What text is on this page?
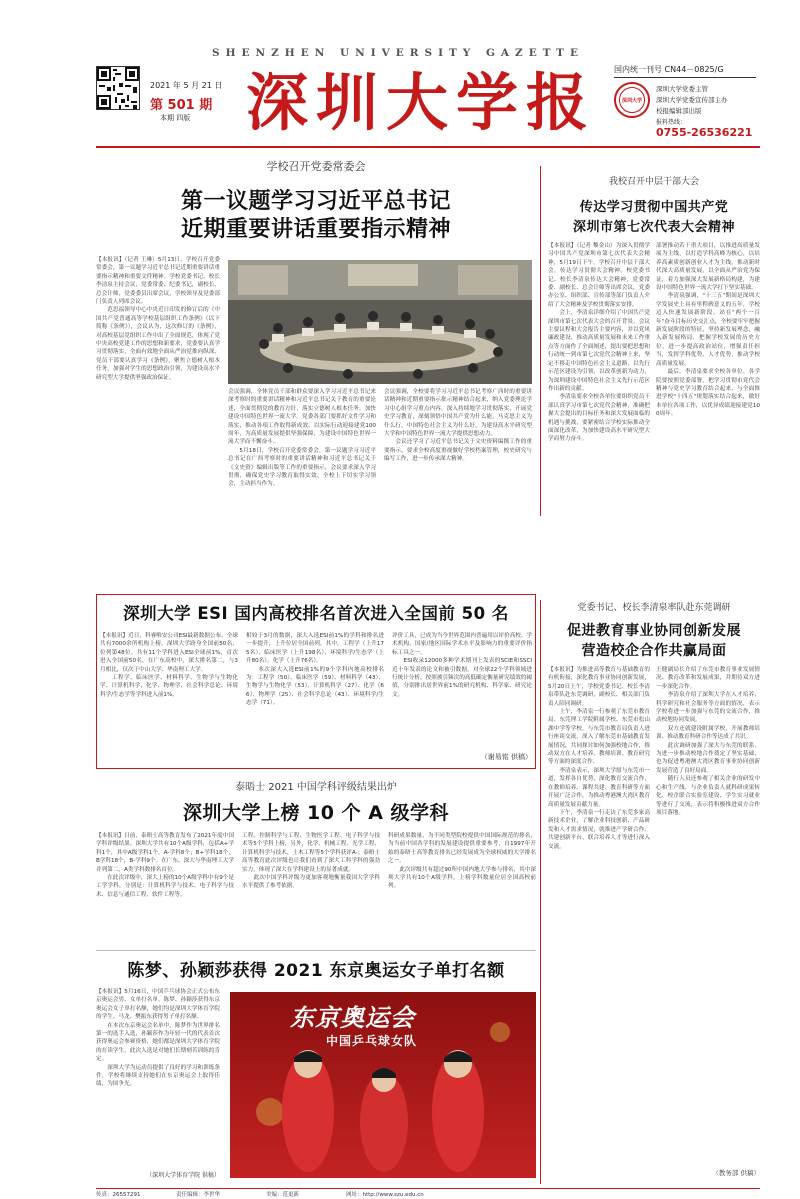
2021 年 5 月 21 日
第 501 期
本期 四版
SHENZHEN UNIVERSITY GAZETTE
深圳大学报 国内统一刊号 CN44－0825/G
深圳大学
深圳大学党委主管
深圳大学党委宣传部主办
校报编辑部出版
报料热线：
0755-26536221
学校召开党委常委会
第一议题学习习近平总书记
近期重要讲话重要指示精神
【本报讯】（记者 王琳）5月13日，学校召开党委常委会，第一议题学习近平总书记近期重要讲话重要指示精神和重要文件精神。学校党委书记、校长李清泉主持会议，党委常委、纪委书记，副校长、总会计师，党委委员出席会议，学校领导及党委部门负责人列席会议。
　　范思福领导中心中央近日印发的修订后的《中国共产党普通高等学校基层组织工作条例》（以下简称《条例》），会议认为，这次修订的《条例》，对高校基层党组织工作中出了全面规范，体现了党中央高校党建工作的思想和新要求，党委要认真学习贯彻落实，全面有效地全面从严治党推向纵深，党员干部要认真学习《条例》，聚焦立德树人根本任务，加强对学生的思想政治引领，为建设高水平研究型大学提供坚强政治保证。
会议强调，全体党员干部和群众要深入学习习近平总书记来深考察时的重要讲话精神和习近平总书记关于教育的重要论述，全面贯彻党的教育方针，落实立德树人根本任务，加快建设中国特色世界一流大学。党委各部门要抓好文件学习和落实，推动各项工作取得新成效，以实际行动迎接建党100周年，为高质量发展提供坚强保障，为建设中国特色世界一流大学而不懈奋斗。
　　5月18日，学校召开党委常委会，第一议题学习习近平总书记在广西考察时的重要讲话精神和习近平总书记关于《文史资》编辑出版等工作的重要指示，会议要求深入学习贯彻，确保党史学习教育取得实效，全校上下切实学习领会，主动担当作为。
会议强调，全校要将学习习近平总书记考察广西时的重要讲话精神和近期重要指示批示精神结合起来，纳入党委理论学习中心组学习重点内容，深入持续地学习贯彻落实，开展党史学习教育，深刻领悟中国共产党为什么能，马克思主义为什么行，中国特色社会主义为什么好，为建设高水平研究型大学和中国特色世界一流大学提供思想动力。
　　会议还学习了习近平总书记关于文史资料编撰工作的重要指示，要求全校高度重视做好学校档案管理，校史研究与编写工作，进一步传承深大精神。
我校召开中层干部大会
传达学习贯彻中国共产党
深圳市第七次代表大会精神
【本报讯】（记者 黎金山）为深入贯彻学习中国共产党深圳市第七次代表大会精神，5月19日下午，学校召开中层干部大会，传达学习贯彻大会精神。校党委书记、校长李清泉传达大会精神，党委常委、副校长、总会计师等出席会议，党委办公室、组织部、宣传部等部门负责人介绍了大会精神及学校贯彻落实安排。
　　会上，李清泉详细介绍了中国共产党深圳市第七次代表大会的召开背景、会议主要议程和大会报告主要内容，并以党风廉政建设、推动高质量发展和未来工作重点等方面作了全面阐述，提出要把思想和行动统一到市第七次党代会精神上来，坚定不移走中国特色社会主义道路，以先行示范区建设为引领，以改革创新为动力，为深圳建设中国特色社会主义先行示范区作出新的贡献。
　　李清泉要求全校各单位要组织党员干部认真学习市第七次党代会精神，准确把握大会提出的目标任务和深大发展面临的机遇与挑战，要紧密结合学校实际推动全面深化改革，为加快建设高水平研究型大学而努力奋斗。
部署推动若干重大项目，以推进高质量发展为主线，以打造学科高峰为核心，以培养高素质创新创业人才为主线，推动新时代深大高质量发展，以全面从严治党为保证，着力加强深大发展新格局构建，为建设中国特色世界一流大学打下坚实基础。
　　李清泉强调，"十三五"期间是深圳大学发展史上具有里程碑意义的五年，学校迈入快速发展新阶段。站在"两个一百年"奋斗目标历史交汇点，全校要牢牢把握新发展阶段的特征，坚持新发展理念，融入新发展格局，把握学校发展的历史方位，进一步提高政治站位，增强责任担当，发挥学科优势、人才优势，推动学校高质量发展。
　　最后，李清泉要求全校各单位、各学院要按照党委部署，把学习贯彻市党代会精神与党史学习教育结合起来，与全面推进学校"十四五"规划落实结合起来，做好本单位各项工作，以优异成绩迎接建党100周年。
深圳大学 ESI 国内高校排名首次进入全国前 50 名
【本报讯】近日，科睿唯安公司ESI最新数据公布，全球共有7000余所机构上榜，深圳大学跻身全国前50名，位列第48位。共有11个学科进入ESI全球前1%，首次进入全国前50名，在广东高校中，深大排名第二，与3月相比，仅次于中山大学、华南理工大学。
　　工程学、临床医学、材料科学、生物学与生物化学、计算机科学、化学、物理学、社会科学总论、环境科学/生态学等学科进入前1%。
相较于3月的数据，深大入选ESI前1%的学科和排名进一步提升，上升位居全国前列，其中，工程学（上升175名）、临床医学（上升198名）、环境科学/生态学（上升80名），化学（上升76名）。
　　本次深大入选ESI前1%的9个学科内地高校排名为：工程学（50）、临床医学（59）、材料科学（43）、生物学与生物化学（53）、计算机科学（27）、化学（66）、物理学（25）、社会科学总论（43）、环境科学/生态学（71）。
评价工具，已成为当今世界范围内普遍用以评价高校、学术机构、国家/地区国际学术水平及影响力的重要评价指标工具之一。
　　ESI收录12000多种学术期刊上发表的SCIE和SSCI近十年发表的论文和被引数据，对全球22个学科领域进行统计分析，按照被引频次的高低确定衡量研究绩效的阈值，分别排出居世界前1%的研究机构、科学家、研究论文。
（谢易铭 供稿）
泰晤士 2021 中国学科评级结果出炉
深圳大学上榜 10 个 A 级学科
【本报讯】日前，泰晤士高等教育发布了2021年度中国学科评级结果。深圳大学共有10个A级学科，包括A+学科1个，其中A级学科1个，A-学科8个；B+学科18个，B学科18个，B-学科9个。在广东，深大与华南理工大学并列第二，A类学科数排名首位。
　　在此次评级中，深大上榜的10个A级学科中有9个是工学学科，分别是：计算机科学与技术、电子科学与技术、信息与通信工程、软件工程等。
工程、控制科学与工程、生物医学工程、电子科学与技术等5个学科上榜，另外，化学、机械工程、光学工程、计算机科学与技术、土木工程等5个学科获评A-；泰晤士高等教育此次评级也让我们看到了深大工科学科的强劲实力，体现了深大在学科建设上的显著成就。
　　此次中国学科评级为更加客观地衡量我国大学学科水平提供了参考依据。
科研成果数量、为不同类型院校提供中国国际规范的排名，为当前中国各学科的发展建设提供重要参考，自1997年开始的泰晤士高等教育排名已经发展成为全球权威的大学排名之一。
　　此次评级共有超过90所中国内地大学参与排名，其中深圳大学共有10个A级学科，上榜学科数量位居全国高校前列。
陈梦、孙颖莎获得 2021 东京奥运女子单打名额
【本报讯】5月16日，中国乒乓球协会正式公布东京奥运会男、女单打名单。陈梦、孙颖莎获得东京奥运会女子单打名额，她们均是深圳大学体育学院的学生。马龙、樊振东获得男子单打名额。
　　在本次东京奥运会名单中，陈梦作为世界排名第一的选手入选，孙颖莎作为年轻一代的代表首次获得奥运会参赛资格，她们都是深圳大学体育学院的在读学生，此次入选是对她们长期刻苦训练的肯定。
　　深圳大学为运动员提供了良好的学习和训练条件，学校将继续支持她们在东京奥运会上取得佳绩，为国争光。
（深圳大学体育学院 供稿）
东京奥运会
中国乒乓球女队
党委书记、校长李清泉率队赴东莞调研
促进教育事业协同创新发展
营造校企合作共赢局面
【本报讯】为推进高等教育与基础教育的有机衔接，深化教育事业协同创新发展，5月20日上午，学校党委书记、校长李清泉带队赴东莞调研，副校长、相关部门负责人陪同调研。
　　上午，李清泉一行参观了东莞市教育局、东莞理工学院附属学校、东莞市松山湖中学等学校，与东莞市教育局负责人进行座谈交流，深入了解东莞市基础教育发展情况，共同探讨如何加强校地合作，推动双方在人才培养、教师培训、教育研究等方面的深度合作。
　　李清泉表示，深圳大学愿与东莞市一道，发挥各自优势，深化教育交流合作，在教师培养、课程共建、教育科研等方面开展广泛合作，为推动粤港澳大湾区教育高质量发展贡献力量。
　　下午，李清泉一行走访了东莞多家高新技术企业，了解企业科技创新、产品研发和人才需求情况，就推进产学研合作、共建创新平台、联合培养人才等进行深入交流。
王健副局长介绍了东莞市教育事业发展情况、教育改革和发展成果，并期待双方进一步深化合作。
　　李清泉介绍了深圳大学在人才培养、科学研究和社会服务等方面的情况，表示学校将进一步加强与东莞的交流合作，推动校地协同发展。
　　双方还就建设附属学校、开展教师培训、推动教育科研合作等达成了共识。
　　此次调研加强了深大与东莞的联系，为进一步推动校地合作奠定了坚实基础，也为促进粤港澳大湾区教育事业协同创新发展营造了良好局面。
　　随行人员还参观了相关企业的研发中心和生产线，与企业负责人就科研成果转化、校企联合实验室建设、学生实习就业等进行了交流，表示将积极推进双方合作项目落地。
（教务部 供稿）
传真：26557291	责任编辑：李世华	美编：范更新	网址：http://www.szu.edu.cn
